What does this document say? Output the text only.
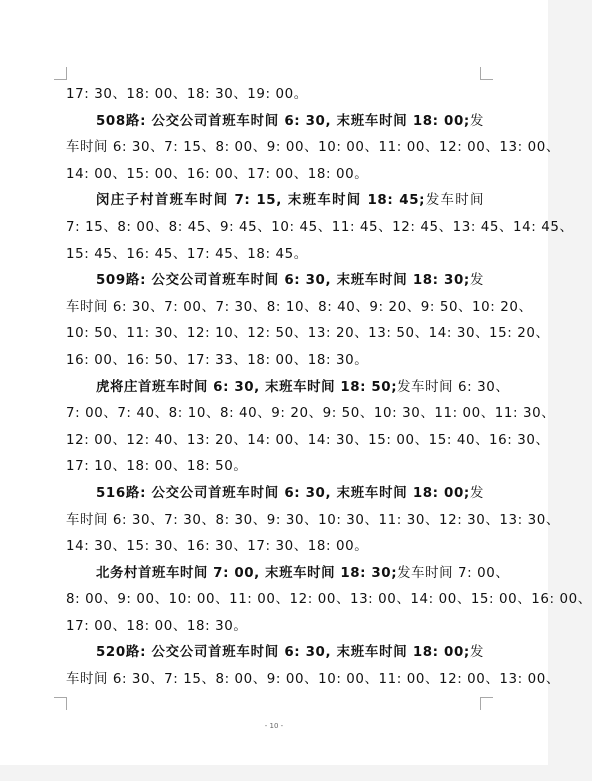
17: 30、18: 00、18: 30、19: 00。
508路: 公交公司首班车时间 6: 30, 末班车时间 18: 00;发
车时间 6: 30、7: 15、8: 00、9: 00、10: 00、11: 00、12: 00、13: 00、
14: 00、15: 00、16: 00、17: 00、18: 00。
闵庄子村首班车时间 7: 15, 末班车时间 18: 45;发车时间
7: 15、8: 00、8: 45、9: 45、10: 45、11: 45、12: 45、13: 45、14: 45、
15: 45、16: 45、17: 45、18: 45。
509路: 公交公司首班车时间 6: 30, 末班车时间 18: 30;发
车时间 6: 30、7: 00、7: 30、8: 10、8: 40、9: 20、9: 50、10: 20、
10: 50、11: 30、12: 10、12: 50、13: 20、13: 50、14: 30、15: 20、
16: 00、16: 50、17: 33、18: 00、18: 30。
虎将庄首班车时间 6: 30, 末班车时间 18: 50;发车时间 6: 30、
7: 00、7: 40、8: 10、8: 40、9: 20、9: 50、10: 30、11: 00、11: 30、
12: 00、12: 40、13: 20、14: 00、14: 30、15: 00、15: 40、16: 30、
17: 10、18: 00、18: 50。
516路: 公交公司首班车时间 6: 30, 末班车时间 18: 00;发
车时间 6: 30、7: 30、8: 30、9: 30、10: 30、11: 30、12: 30、13: 30、
14: 30、15: 30、16: 30、17: 30、18: 00。
北务村首班车时间 7: 00, 末班车时间 18: 30;发车时间 7: 00、
8: 00、9: 00、10: 00、11: 00、12: 00、13: 00、14: 00、15: 00、16: 00、
17: 00、18: 00、18: 30。
520路: 公交公司首班车时间 6: 30, 末班车时间 18: 00;发
车时间 6: 30、7: 15、8: 00、9: 00、10: 00、11: 00、12: 00、13: 00、
- 10 -
